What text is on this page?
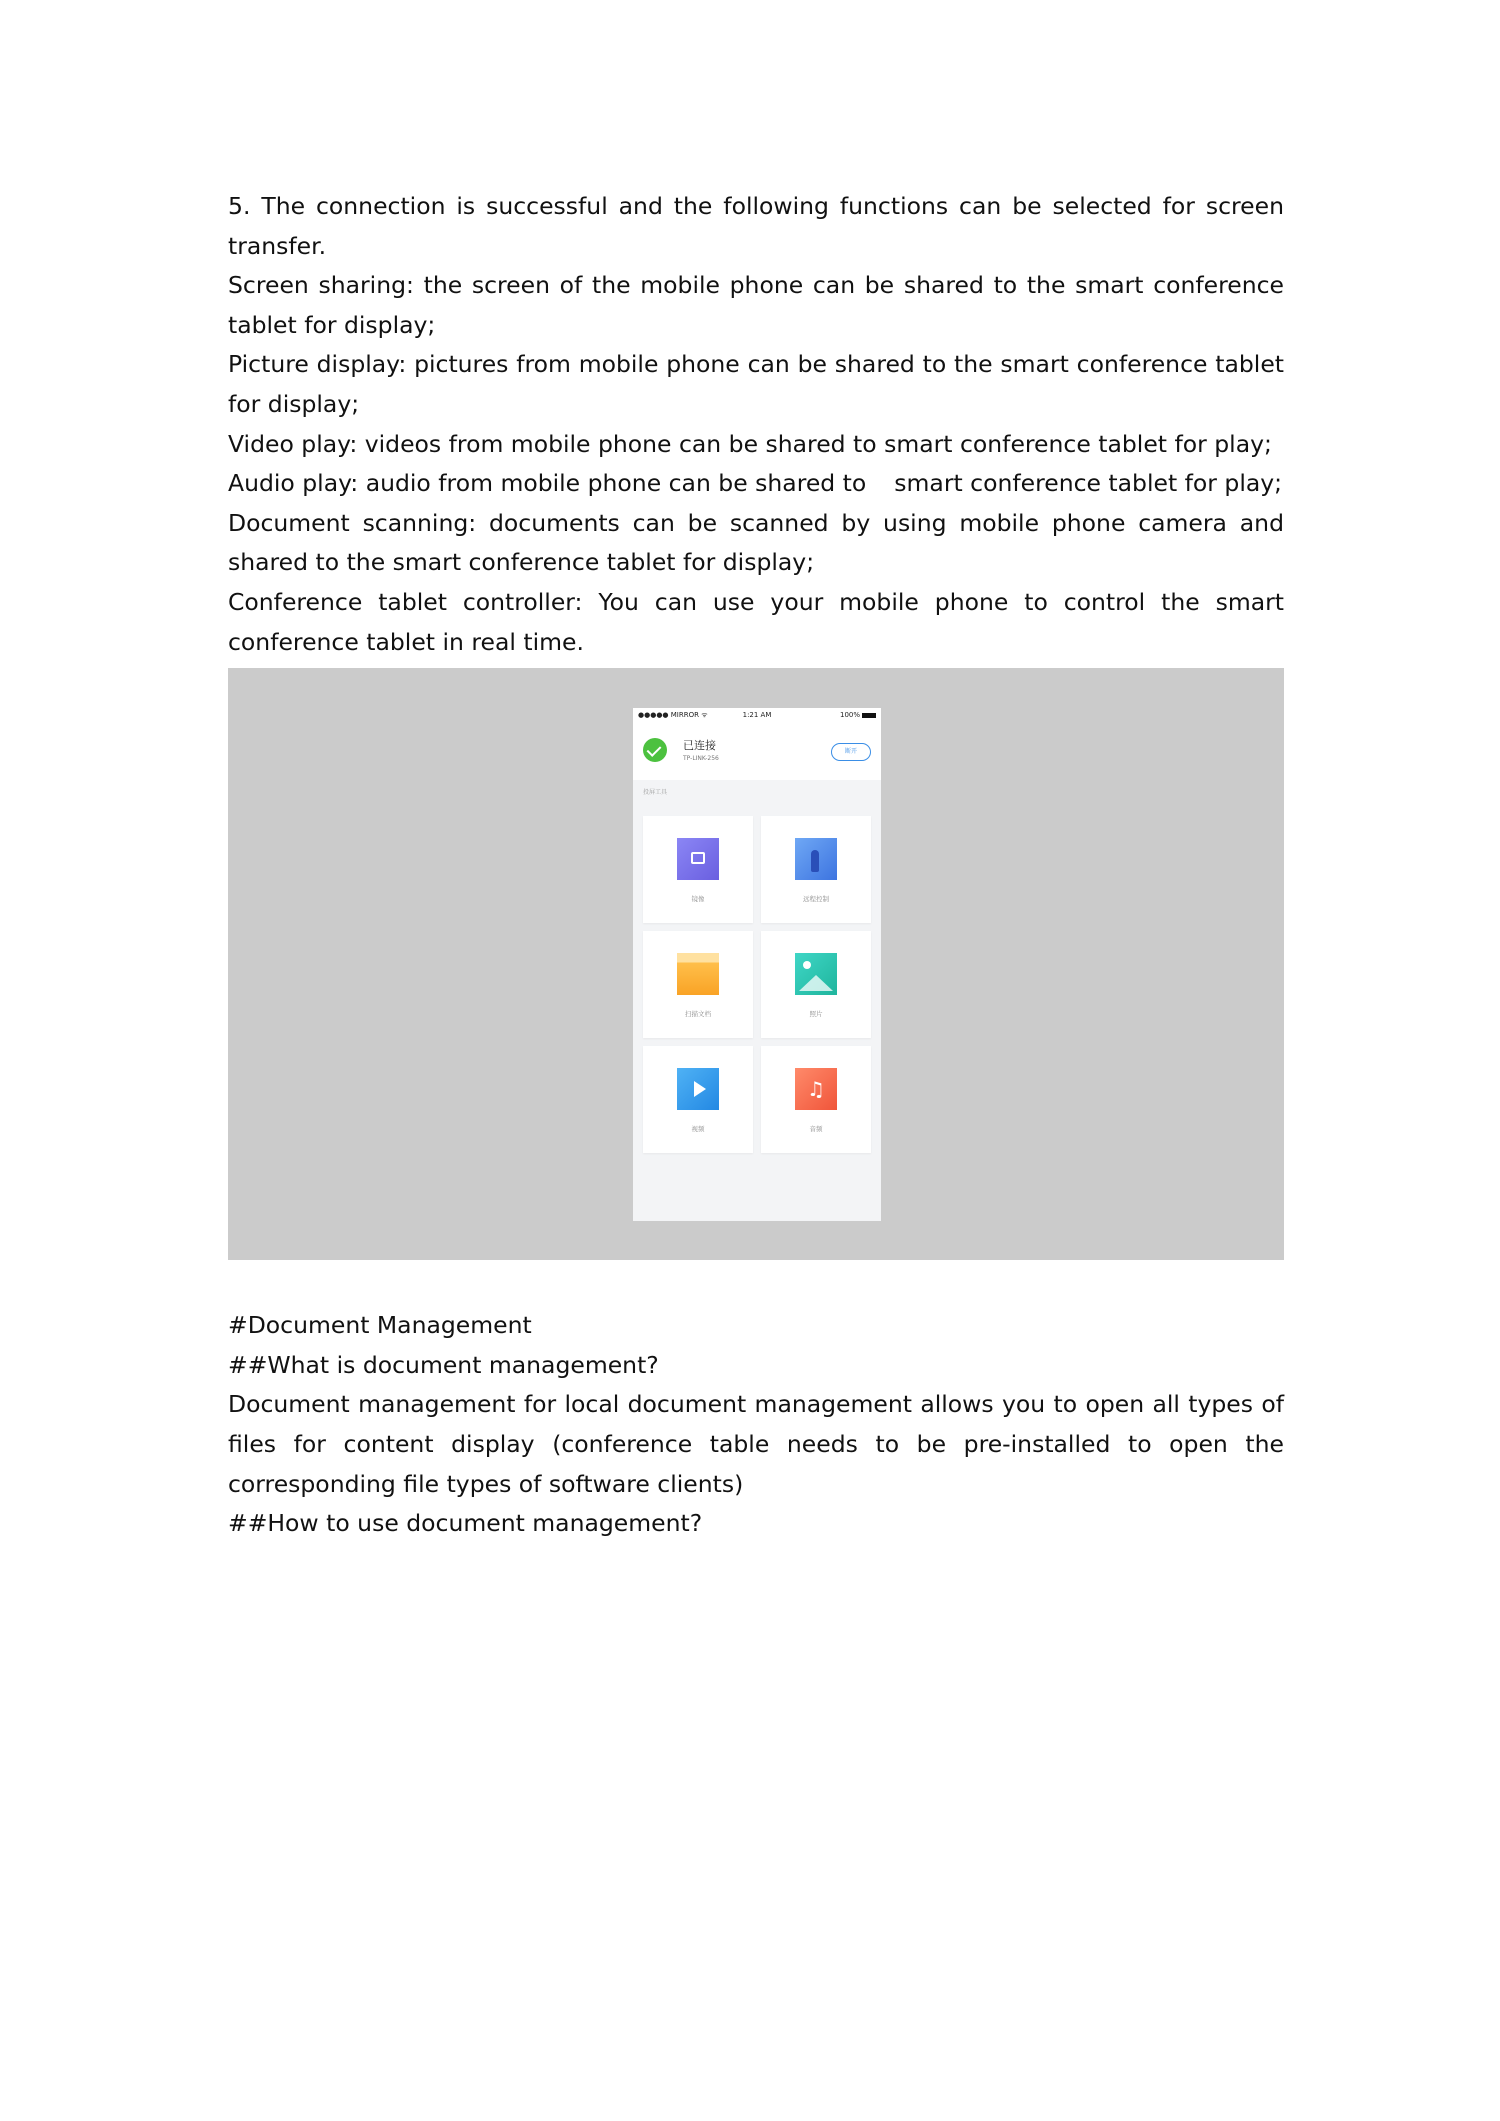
5. The connection is successful and the following functions can be selected for screen transfer.

Screen sharing: the screen of the mobile phone can be shared to the smart conference tablet for display;

Picture display: pictures from mobile phone can be shared to the smart conference tablet for display;

Video play: videos from mobile phone can be shared to smart conference tablet for play;

Audio play: audio from mobile phone can be shared to smart conference tablet for play;

Document scanning: documents can be scanned by using mobile phone camera and shared to the smart conference tablet for display;

Conference tablet controller: You can use your mobile phone to control the smart conference tablet in real time.

●●●●● MIRROR ᯤ	1:21 AM	100%
已连接
TP-LINK-256
断开
投屏工具
镜像	远程控制
扫描文档	照片
视频
♫
音频

#Document Management

##What is document management?

Document management for local document management allows you to open all types of files for content display (conference table needs to be pre-installed to open the corresponding file types of software clients)

##How to use document management?
